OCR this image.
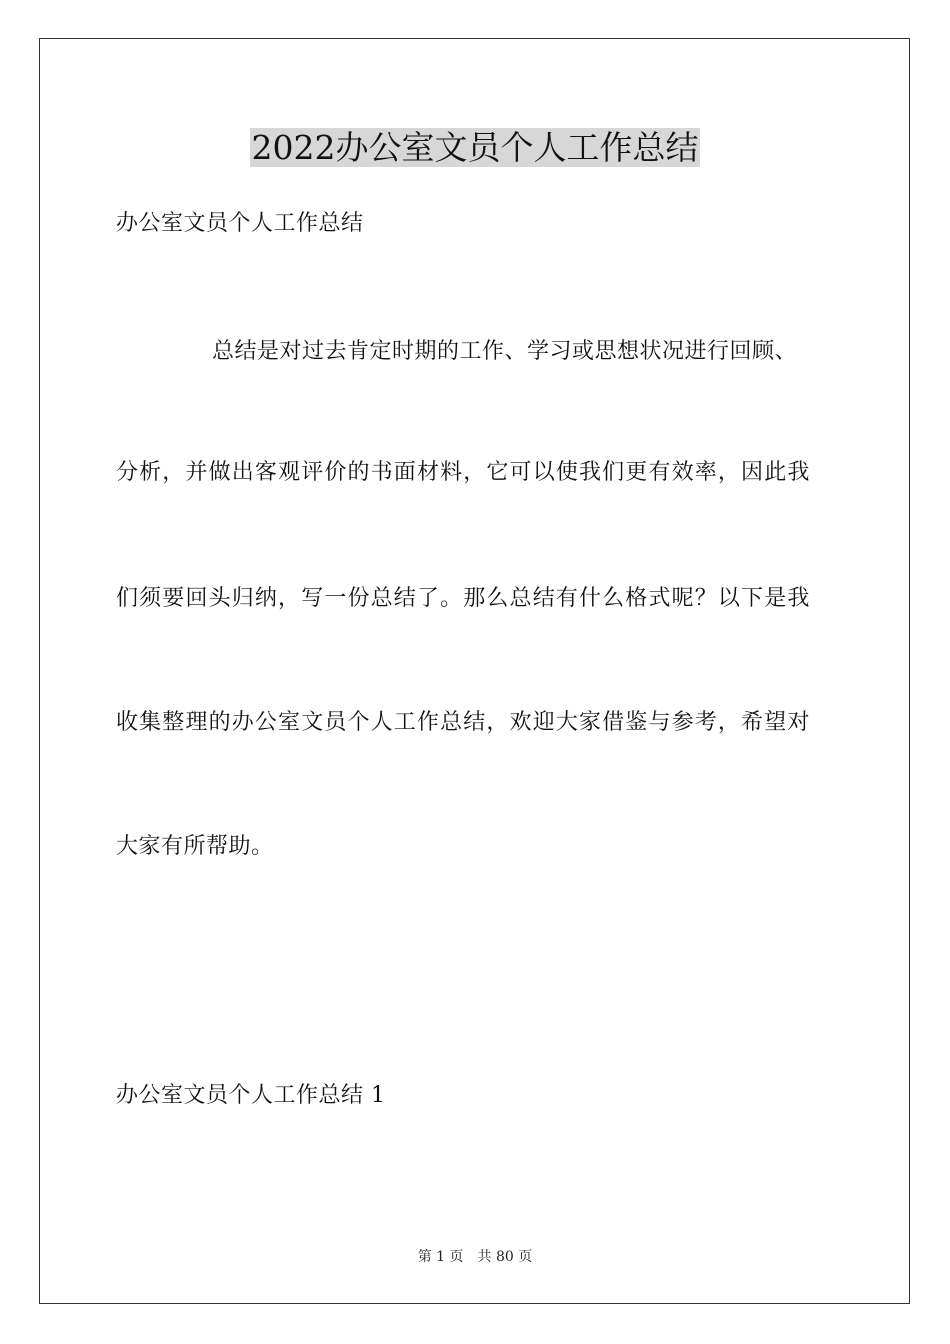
2022办公室文员个人工作总结
办公室文员个人工作总结
总结是对过去肯定时期的工作、学习或思想状况进行回顾、
分析，并做出客观评价的书面材料，它可以使我们更有效率，因此我
们须要回头归纳，写一份总结了。那么总结有什么格式呢？以下是我
收集整理的办公室文员个人工作总结，欢迎大家借鉴与参考，希望对
大家有所帮助。
办公室文员个人工作总结 1
第 1 页 共 80 页
